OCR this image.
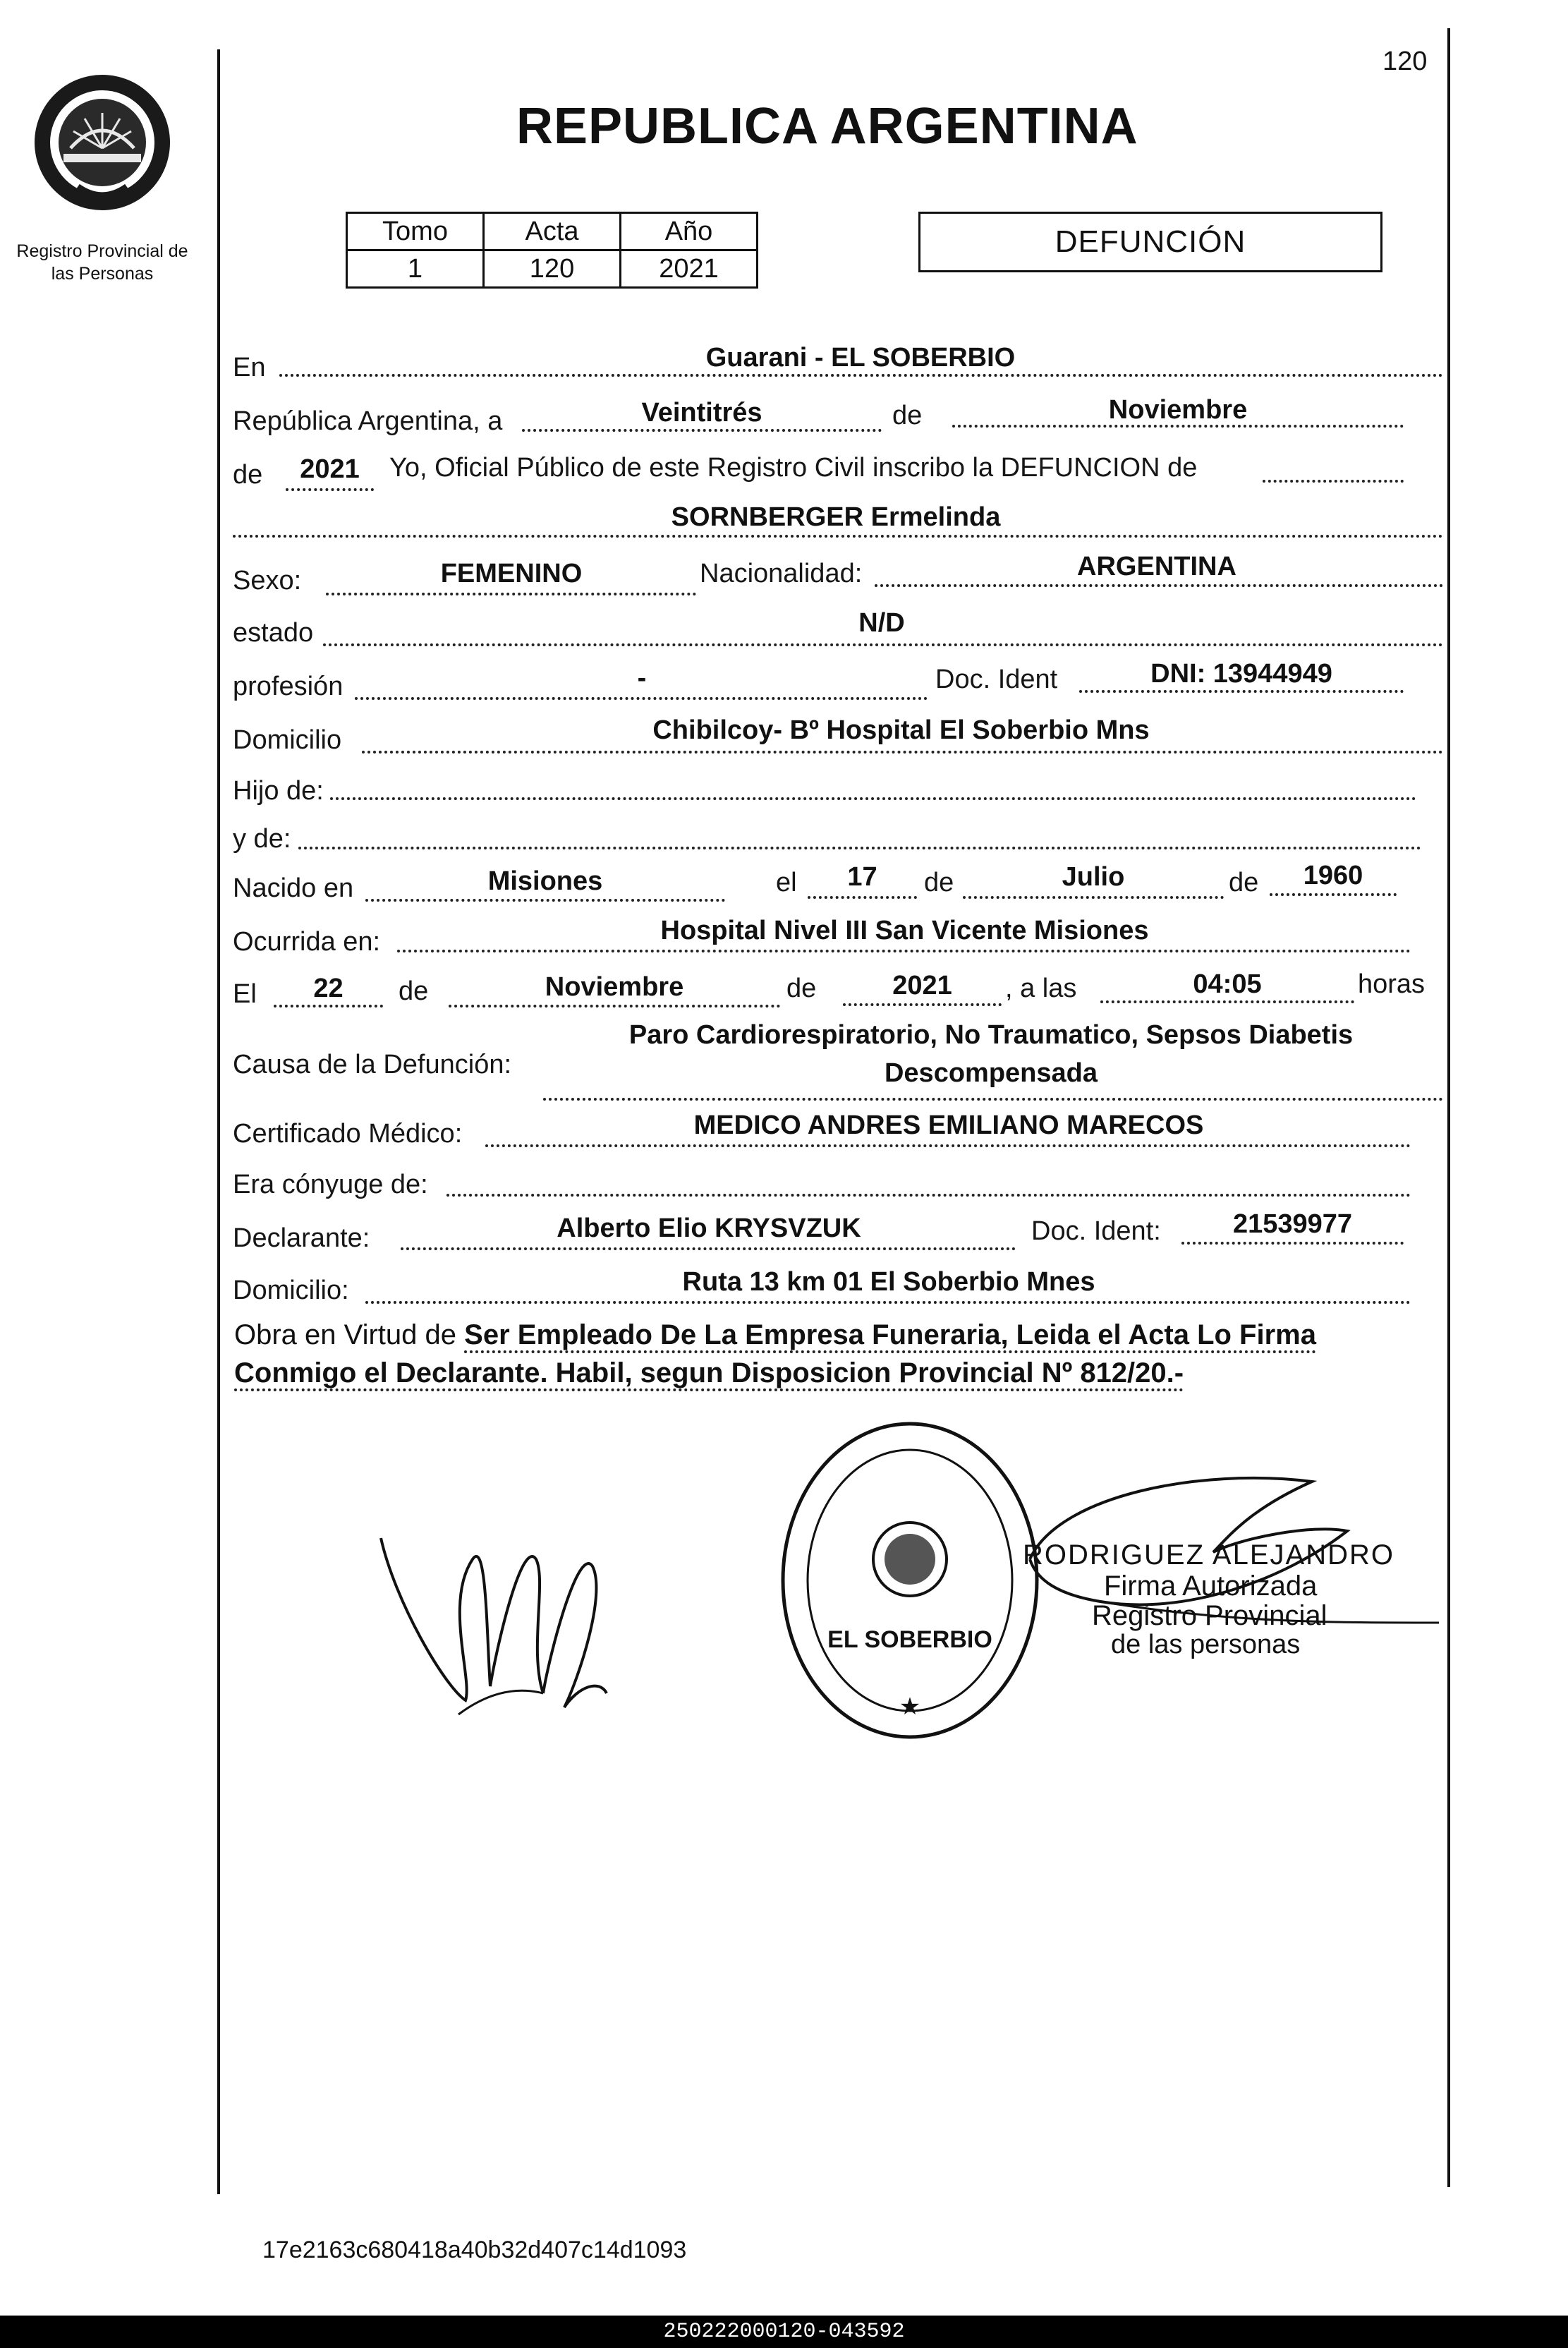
120
Registro Provincial de
las Personas
REPUBLICA ARGENTINA
Tomo	Acta	Año
1	120	2021
DEFUNCIÓN
En	Guarani - EL SOBERBIO
República Argentina, a	Veintitrés	de	Noviembre
de	2021	Yo, Oficial Público de este Registro Civil inscribo la DEFUNCION de
SORNBERGER Ermelinda
Sexo:	FEMENINO	Nacionalidad:	ARGENTINA
estado	N/D
profesión	-	Doc. Ident	DNI: 13944949
Domicilio	Chibilcoy- Bº Hospital El Soberbio Mns
Hijo de:
y de:
Nacido en	Misiones	el	17	de	Julio	de	1960
Ocurrida en:	Hospital Nivel III San Vicente Misiones
El	22	de	Noviembre	de	2021	, a las	04:05	horas
Causa de la Defunción:
Paro Cardiorespiratorio, No Traumatico, Sepsos Diabetis
Descompensada
Certificado Médico:	MEDICO ANDRES EMILIANO MARECOS
Era cónyuge de:
Declarante:	Alberto Elio KRYSVZUK	Doc. Ident:	21539977
Domicilio:	Ruta 13 km 01 El Soberbio Mnes
Obra en Virtud de Ser Empleado De La Empresa Funeraria, Leida el Acta Lo Firma
Conmigo el Declarante. Habil, segun Disposicion Provincial Nº 812/20.-
EL SOBERBIO
★
RODRIGUEZ ALEJANDRO
Firma Autorizada
Registro Provincial
de las personas
17e2163c680418a40b32d407c14d1093
250222000120-043592
